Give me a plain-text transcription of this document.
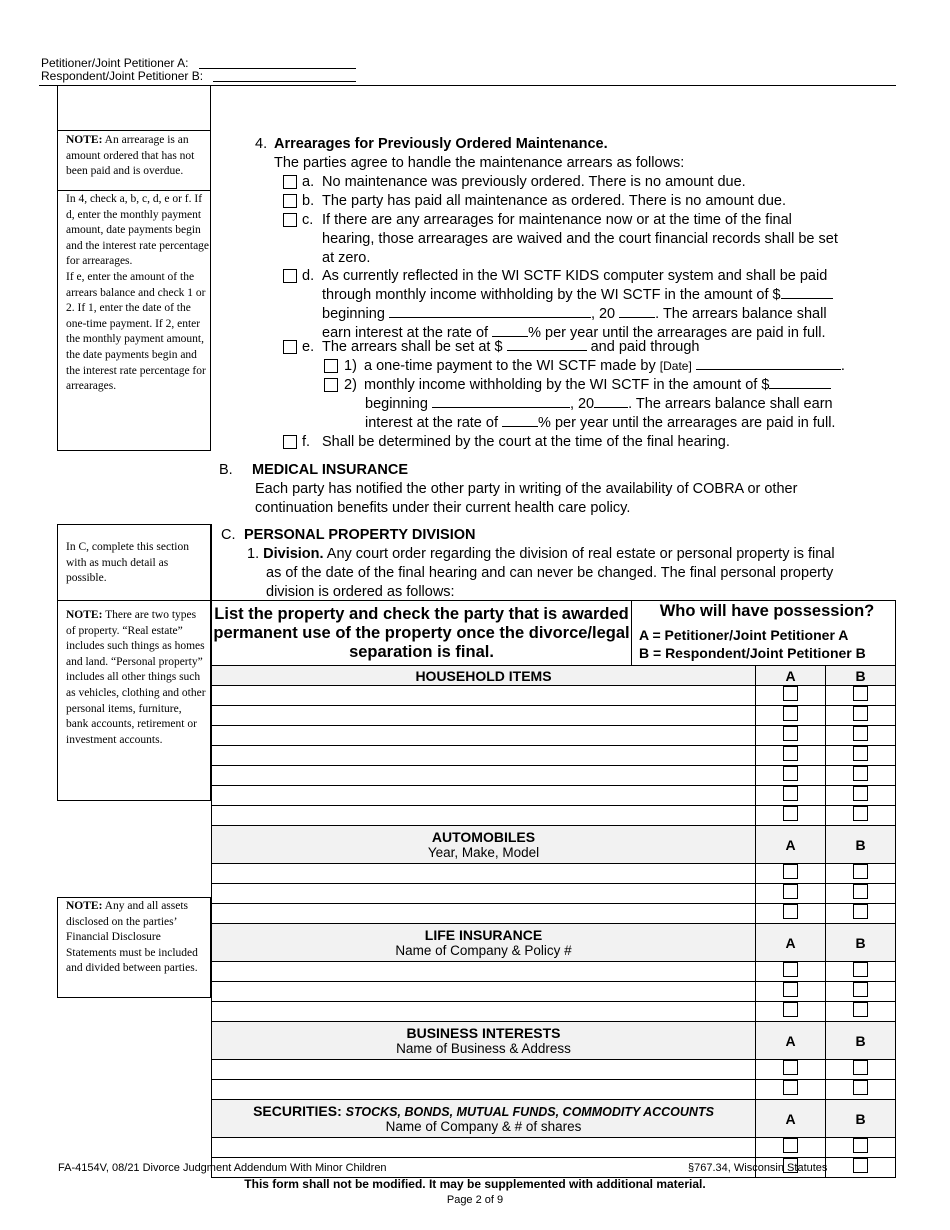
Petitioner/Joint Petitioner A:
Respondent/Joint Petitioner B:
NOTE: An arrearage is an amount ordered that has not been paid and is overdue.
In 4, check a, b, c, d, e or f. If d, enter the monthly payment amount, date payments begin and the interest rate percentage for arrearages.
If e, enter the amount of the arrears balance and check 1 or 2. If 1, enter the date of the one-time payment. If 2, enter the monthly payment amount, the date payments begin and the interest rate percentage for arrearages.
4. Arrearages for Previously Ordered Maintenance.
The parties agree to handle the maintenance arrears as follows:
a. No maintenance was previously ordered. There is no amount due.
b. The party has paid all maintenance as ordered. There is no amount due.
c. If there are any arrearages for maintenance now or at the time of the final
hearing, those arrearages are waived and the court financial records shall be set
at zero.
d. As currently reflected in the WI SCTF KIDS computer system and shall be paid
through monthly income withholding by the WI SCTF in the amount of $
beginning	, 20	. The arrears balance shall
earn interest at the rate of	% per year until the arrearages are paid in full.
e. The arrears shall be set at $	and paid through
1) a one-time payment to the WI SCTF made by [Date]	.
2) monthly income withholding by the WI SCTF in the amount of $
beginning	, 20 . The arrears balance shall earn
interest at the rate of	% per year until the arrearages are paid in full.
f. Shall be determined by the court at the time of the final hearing.
B. MEDICAL INSURANCE
Each party has notified the other party in writing of the availability of COBRA or other
continuation benefits under their current health care policy.
In C, complete this section with as much detail as possible.
NOTE: There are two types of property. “Real estate” includes such things as homes and land. “Personal property” includes all other things such as vehicles, clothing and other personal items, furniture, bank accounts, retirement or investment accounts.
NOTE: Any and all assets disclosed on the parties’ Financial Disclosure Statements must be included and divided between parties.
C. PERSONAL PROPERTY DIVISION
1. Division. Any court order regarding the division of real estate or personal property is final
as of the date of the final hearing and can never be changed. The final personal property
division is ordered as follows:
List the property and check the party that is awarded permanent use of the property once the divorce/legal separation is final.	Who will have possession?
A = Petitioner/Joint Petitioner A
B = Respondent/Joint Petitioner B		

HOUSEHOLD ITEMS		A	B

AUTOMOBILES
Year, Make, Model		A	B

LIFE INSURANCE
Name of Company & Policy #		A	B

BUSINESS INTERESTS
Name of Business & Address		A	B

SECURITIES: STOCKS, BONDS, MUTUAL FUNDS, COMMODITY ACCOUNTS
Name of Company & # of shares		A	B

FA-4154V, 08/21 Divorce Judgment Addendum With Minor Children	§767.34, Wisconsin Statutes
This form shall not be modified. It may be supplemented with additional material.
Page 2 of 9
